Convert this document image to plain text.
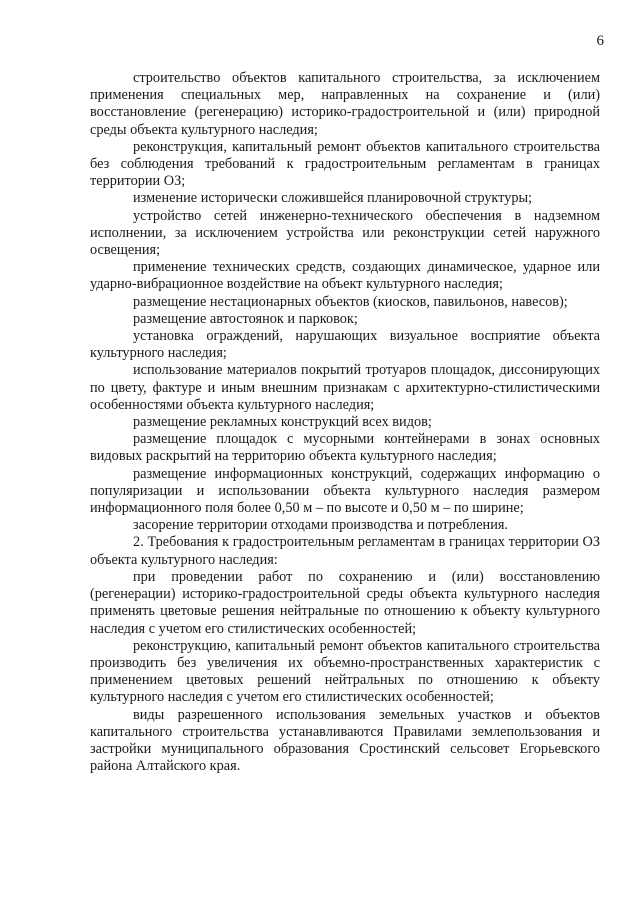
6

строительство объектов капитального строительства, за исключением применения специальных мер, направленных на сохранение и (или) восстановление (регенерацию) историко-градостроительной и (или) природной среды объекта культурного наследия;

реконструкция, капитальный ремонт объектов капитального строительства без соблюдения требований к градостроительным регламентам в границах территории ОЗ;

изменение исторически сложившейся планировочной структуры;

устройство сетей инженерно-технического обеспечения в надземном исполнении, за исключением устройства или реконструкции сетей наружного освещения;

применение технических средств, создающих динамическое, ударное или ударно-вибрационное воздействие на объект культурного наследия;

размещение нестационарных объектов (киосков, павильонов, навесов);

размещение автостоянок и парковок;

установка ограждений, нарушающих визуальное восприятие объекта культурного наследия;

использование материалов покрытий тротуаров площадок, диссонирующих по цвету, фактуре и иным внешним признакам с архитектурно-стилистическими особенностями объекта культурного наследия;

размещение рекламных конструкций всех видов;

размещение площадок с мусорными контейнерами в зонах основных видовых раскрытий на территорию объекта культурного наследия;

размещение информационных конструкций, содержащих информацию о популяризации и использовании объекта культурного наследия размером информационного поля более 0,50 м – по высоте и 0,50 м – по ширине;

засорение территории отходами производства и потребления.

2. Требования к градостроительным регламентам в границах территории ОЗ объекта культурного наследия:

при проведении работ по сохранению и (или) восстановлению (регенерации) историко-градостроительной среды объекта культурного наследия применять цветовые решения нейтральные по отношению к объекту культурного наследия с учетом его стилистических особенностей;

реконструкцию, капитальный ремонт объектов капитального строительства производить без увеличения их объемно-пространственных характеристик с применением цветовых решений нейтральных по отношению к объекту культурного наследия с учетом его стилистических особенностей;

виды разрешенного использования земельных участков и объектов капитального строительства устанавливаются Правилами землепользования и застройки муниципального образования Сростинский сельсовет Егорьевского района Алтайского края.
